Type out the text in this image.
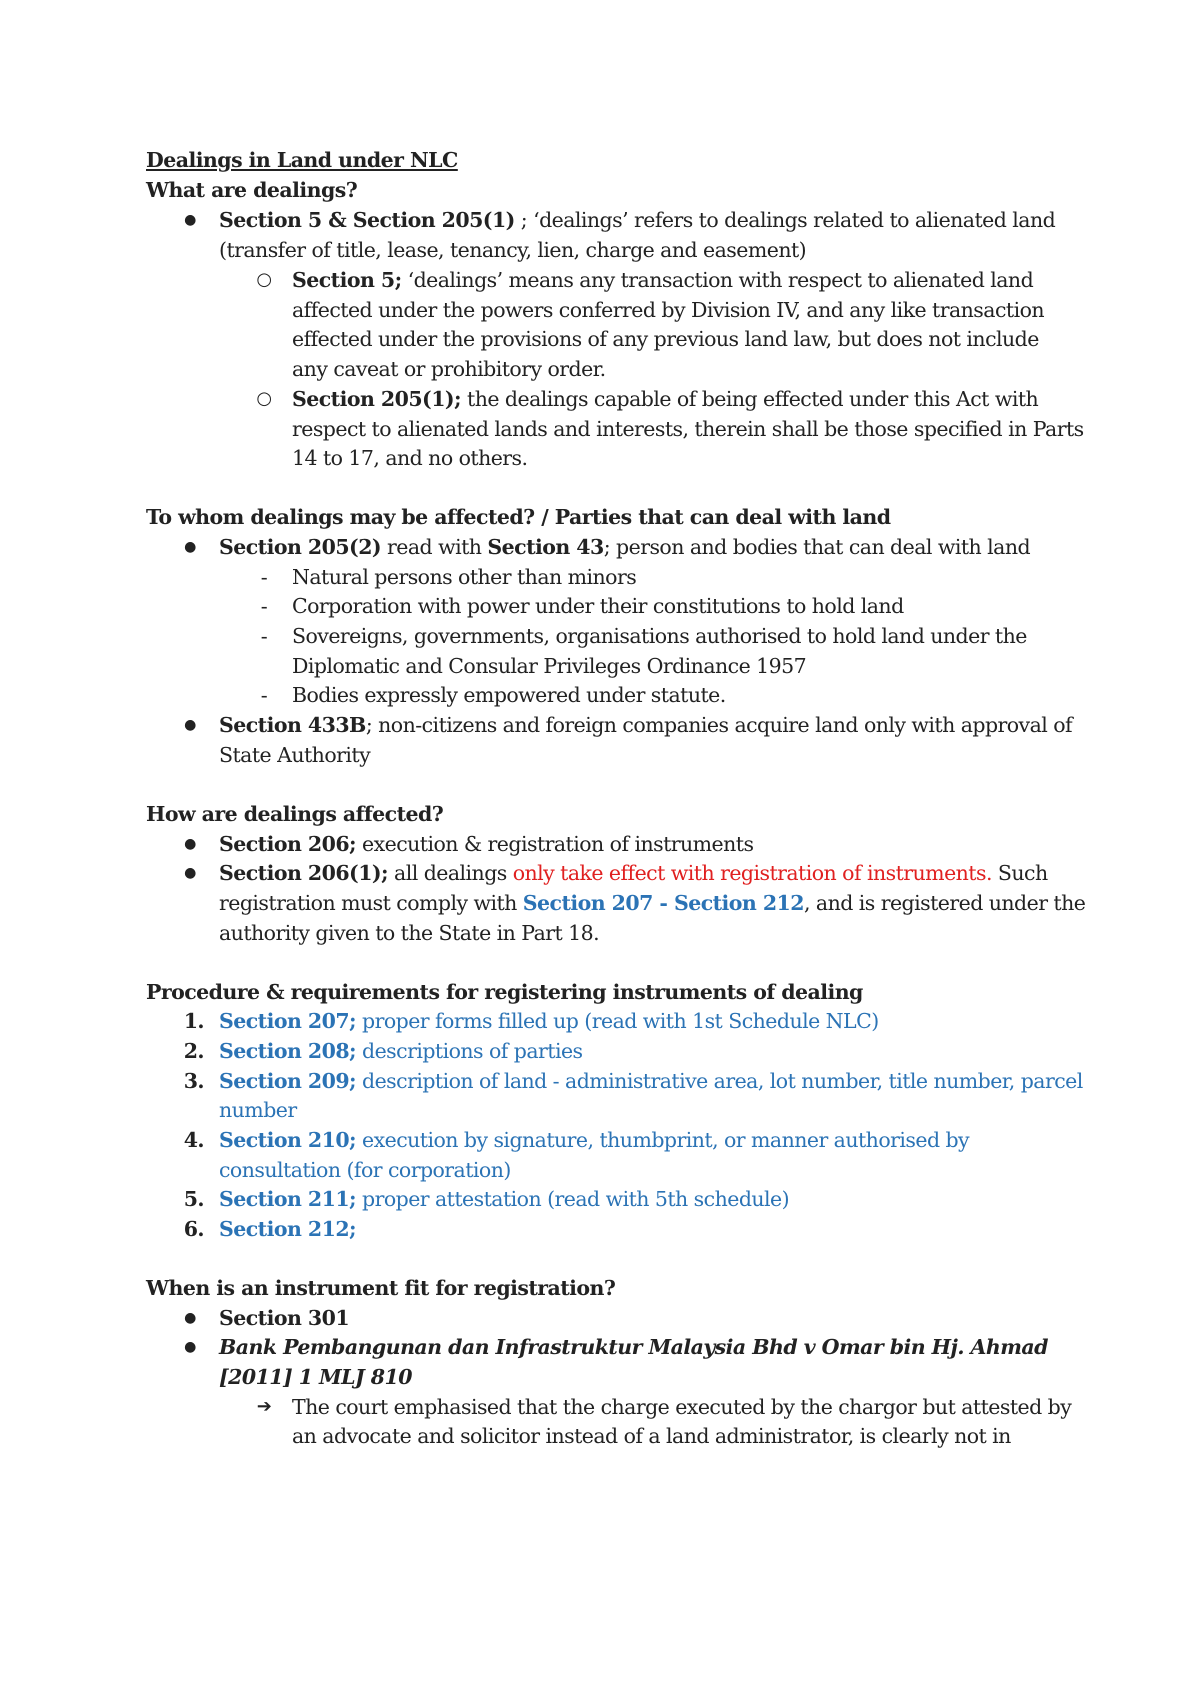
Dealings in Land under NLC
What are dealings?
● Section 5 & Section 205(1) ; ‘dealings’ refers to dealings related to alienated land
(transfer of title, lease, tenancy, lien, charge and easement)
○ Section 5; ‘dealings’ means any transaction with respect to alienated land
affected under the powers conferred by Division IV, and any like transaction
effected under the provisions of any previous land law, but does not include
any caveat or prohibitory order.
○ Section 205(1); the dealings capable of being effected under this Act with
respect to alienated lands and interests, therein shall be those specified in Parts
14 to 17, and no others.
To whom dealings may be affected? / Parties that can deal with land
● Section 205(2) read with Section 43; person and bodies that can deal with land
- Natural persons other than minors
- Corporation with power under their constitutions to hold land
- Sovereigns, governments, organisations authorised to hold land under the
Diplomatic and Consular Privileges Ordinance 1957
- Bodies expressly empowered under statute.
● Section 433B; non-citizens and foreign companies acquire land only with approval of
State Authority
How are dealings affected?
● Section 206; execution & registration of instruments
● Section 206(1); all dealings only take effect with registration of instruments. Such
registration must comply with Section 207 - Section 212, and is registered under the
authority given to the State in Part 18.
Procedure & requirements for registering instruments of dealing
1. Section 207; proper forms filled up (read with 1st Schedule NLC)
2. Section 208; descriptions of parties
3. Section 209; description of land - administrative area, lot number, title number, parcel
number
4. Section 210; execution by signature, thumbprint, or manner authorised by
consultation (for corporation)
5. Section 211; proper attestation (read with 5th schedule)
6. Section 212;
When is an instrument fit for registration?
● Section 301
● Bank Pembangunan dan Infrastruktur Malaysia Bhd v Omar bin Hj. Ahmad
[2011] 1 MLJ 810
➔ The court emphasised that the charge executed by the chargor but attested by
an advocate and solicitor instead of a land administrator, is clearly not in
